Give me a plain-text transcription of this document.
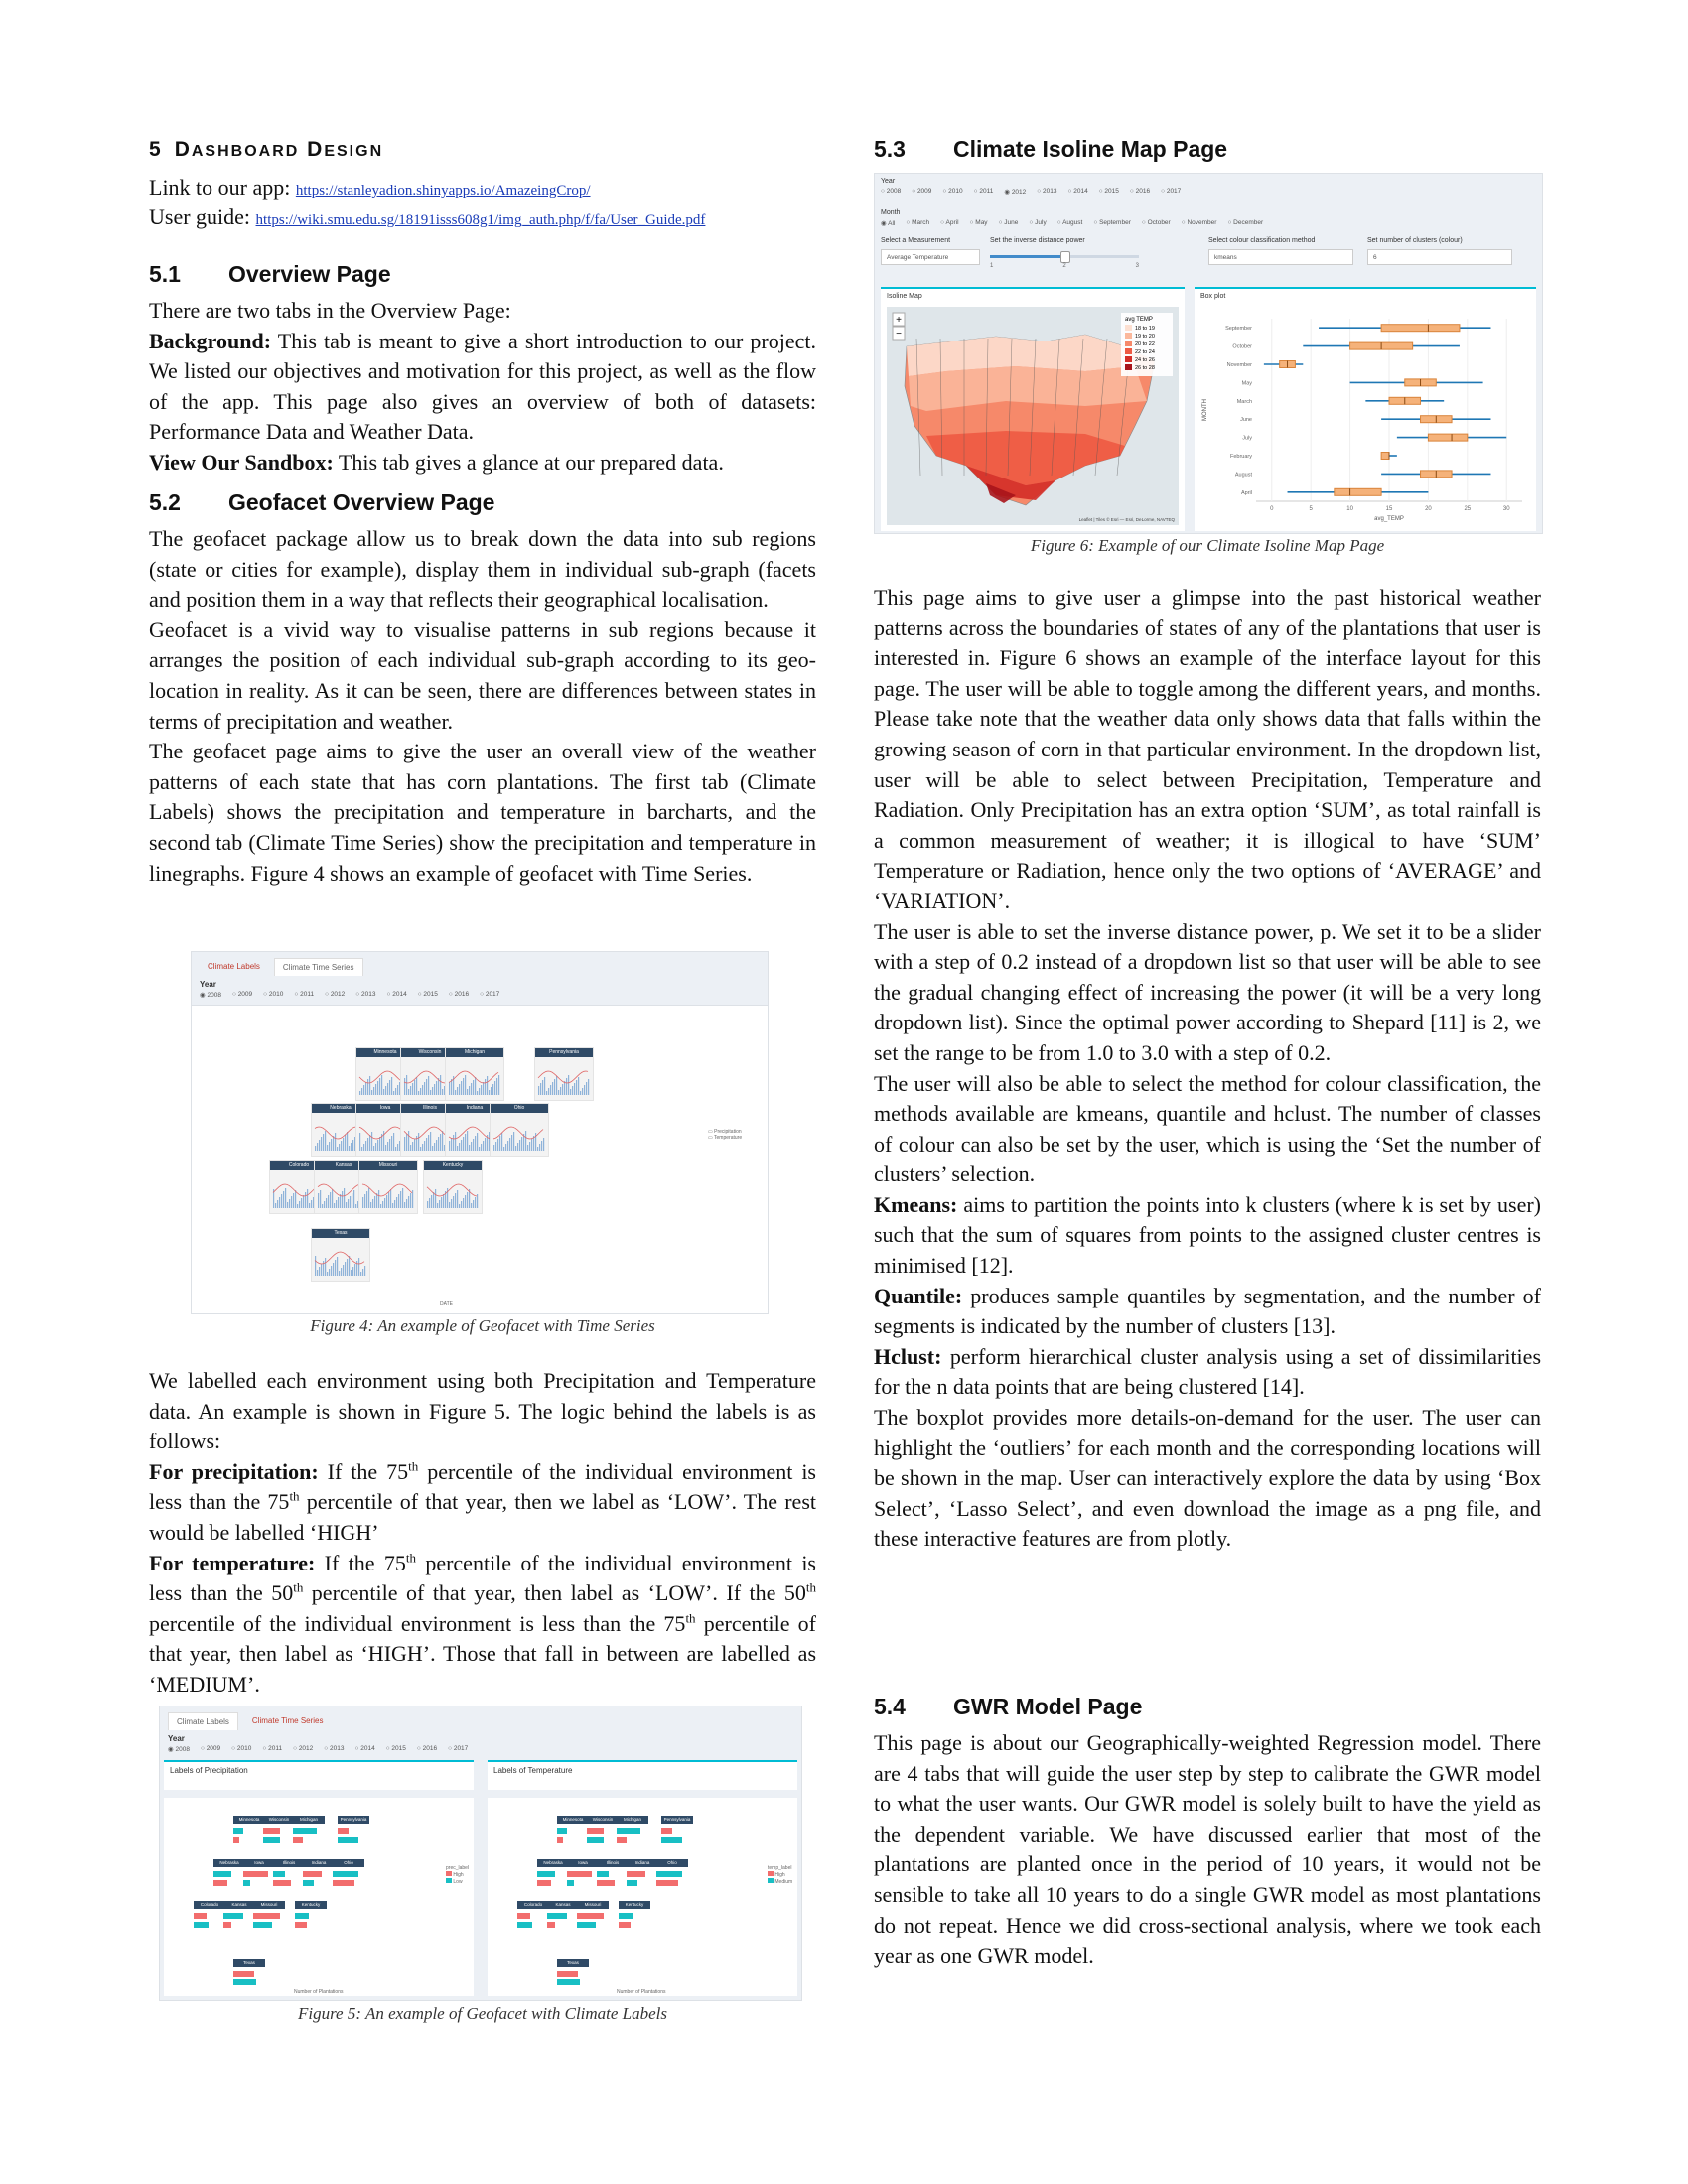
5 DASHBOARD DESIGN

Link to our app: https://stanleyadion.shinyapps.io/AmazeingCrop/

User guide: https://wiki.smu.edu.sg/18191isss608g1/img_auth.php/f/fa/User_Guide.pdf

5.1 Overview Page

There are two tabs in the Overview Page:

Background: This tab is meant to give a short introduction to our project. We listed our objectives and motivation for this project, as well as the flow of the app. This page also gives an overview of both of datasets: Performance Data and Weather Data.

View Our Sandbox: This tab gives a glance at our prepared data.

5.2 Geofacet Overview Page

The geofacet package allow us to break down the data into sub regions (state or cities for example), display them in individual sub-graph (facets and position them in a way that reflects their geographical localisation.

Geofacet is a vivid way to visualise patterns in sub regions because it arranges the position of each individual sub-graph according to its geo-location in reality. As it can be seen, there are differences between states in terms of precipitation and weather.

The geofacet page aims to give the user an overall view of the weather patterns of each state that has corn plantations. The first tab (Climate Labels) shows the precipitation and temperature in barcharts, and the second tab (Climate Time Series) show the precipitation and temperature in linegraphs. Figure 4 shows an example of geofacet with Time Series.

Climate Labels	Climate Time Series
Year
◉ 2008	○ 2009	○ 2010	○ 2011	○ 2012	○ 2013	○ 2014	○ 2015	○ 2016	○ 2017
Minnesota	Wisconsin	Michigan	Pennsylvania
Nebraska	Iowa	Illinois	Indiana	Ohio
Colorado	Kansas	Missouri	Kentucky
Texas
▭ Precipitation
▭ Temperature
DATE
Figure 4: An example of Geofacet with Time Series

We labelled each environment using both Precipitation and Temperature data. An example is shown in Figure 5. The logic behind the labels is as follows:

For precipitation: If the 75th percentile of the individual environment is less than the 75th percentile of that year, then we label as ‘LOW’. The rest would be labelled ‘HIGH’

For temperature: If the 75th percentile of the individual environment is less than the 50th percentile of that year, then label as ‘LOW’. If the 50th percentile of the individual environment is less than the 75th percentile of that year, then label as ‘HIGH’. Those that fall in between are labelled as ‘MEDIUM’.

Climate Labels	Climate Time Series
Year
◉ 2008	○ 2009	○ 2010	○ 2011	○ 2012	○ 2013	○ 2014	○ 2015	○ 2016	○ 2017
Labels of Precipitation	Labels of Temperature
Minnesota	Wisconsin	Michigan	Pennsylvania
Nebraska	Iowa	Illinois	Indiana	Ohio
Colorado	Kansas	Missouri	Kentucky
Texas
Minnesota	Wisconsin	Michigan	Pennsylvania
Nebraska	Iowa	Illinois	Indiana	Ohio
Colorado	Kansas	Missouri	Kentucky
Texas
prec_label
High
Low
temp_label
High
Medium
Number of Plantations	Number of Plantations
Figure 5: An example of Geofacet with Climate Labels
5.3 Climate Isoline Map Page
Year
○ 2008	○ 2009	○ 2010	○ 2011	◉ 2012	○ 2013	○ 2014	○ 2015	○ 2016	○ 2017
Month
◉ All	○ March	○ April	○ May	○ June	○ July	○ August	○ September	○ October	○ November	○ December
Select a Measurement
Average Temperature
Set the inverse distance power
1	2	3
Select colour classification method
kmeans
Set number of clusters (colour)
6
Isoline Map
+
−
avg TEMP
18 to 19
19 to 20
20 to 22
22 to 24
24 to 26
26 to 28
Leaflet | Tiles © Esri — Esri, DeLorme, NAVTEQ
Box plot
0	5	10	15	20	25	30
avg_TEMP
MONTH
September
October
November
May
March
June
July
February
August
April
Figure 6: Example of our Climate Isoline Map Page

This page aims to give user a glimpse into the past historical weather patterns across the boundaries of states of any of the plantations that user is interested in. Figure 6 shows an example of the interface layout for this page. The user will be able to toggle among the different years, and months. Please take note that the weather data only shows data that falls within the growing season of corn in that particular environment. In the dropdown list, user will be able to select between Precipitation, Temperature and Radiation. Only Precipitation has an extra option ‘SUM’, as total rainfall is a common measurement of weather; it is illogical to have ‘SUM’ Temperature or Radiation, hence only the two options of ‘AVERAGE’ and ‘VARIATION’.

The user is able to set the inverse distance power, p. We set it to be a slider with a step of 0.2 instead of a dropdown list so that user will be able to see the gradual changing effect of increasing the power (it will be a very long dropdown list). Since the optimal power according to Shepard [11] is 2, we set the range to be from 1.0 to 3.0 with a step of 0.2.

The user will also be able to select the method for colour classification, the methods available are kmeans, quantile and hclust. The number of classes of colour can also be set by the user, which is using the ‘Set the number of clusters’ selection.

Kmeans: aims to partition the points into k clusters (where k is set by user) such that the sum of squares from points to the assigned cluster centres is minimised [12].

Quantile: produces sample quantiles by segmentation, and the number of segments is indicated by the number of clusters [13].

Hclust: perform hierarchical cluster analysis using a set of dissimilarities for the n data points that are being clustered [14].

The boxplot provides more details-on-demand for the user. The user can highlight the ‘outliers’ for each month and the corresponding locations will be shown in the map. User can interactively explore the data by using ‘Box Select’, ‘Lasso Select’, and even download the image as a png file, and these interactive features are from plotly.

5.4 GWR Model Page

This page is about our Geographically-weighted Regression model. There are 4 tabs that will guide the user step by step to calibrate the GWR model to what the user wants. Our GWR model is solely built to have the yield as the dependent variable. We have discussed earlier that most of the plantations are planted once in the period of 10 years, it would not be sensible to take all 10 years to do a single GWR model as most plantations do not repeat. Hence we did cross-sectional analysis, where we took each year as one GWR model.
